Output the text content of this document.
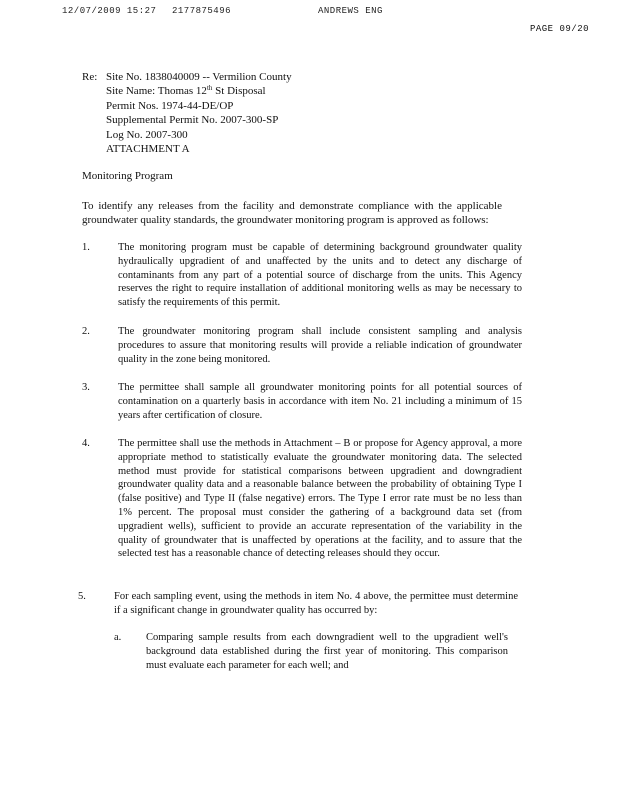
12/07/2009 15:27 2177875496	ANDREWS ENG
PAGE 09/20
Re: Site No. 1838040009 -- Vermilion County
Site Name: Thomas 12th St Disposal
Permit Nos. 1974-44-DE/OP
Supplemental Permit No. 2007-300-SP
Log No. 2007-300
ATTACHMENT A
Monitoring Program
To identify any releases from the facility and demonstrate compliance with the applicable groundwater quality standards, the groundwater monitoring program is approved as follows:
1.	The monitoring program must be capable of determining background groundwater quality hydraulically upgradient of and unaffected by the units and to detect any discharge of contaminants from any part of a potential source of discharge from the units. This Agency reserves the right to require installation of additional monitoring wells as may be necessary to satisfy the requirements of this permit.
2.	The groundwater monitoring program shall include consistent sampling and analysis procedures to assure that monitoring results will provide a reliable indication of groundwater quality in the zone being monitored.
3.	The permittee shall sample all groundwater monitoring points for all potential sources of contamination on a quarterly basis in accordance with item No. 21 including a minimum of 15 years after certification of closure.
4.	The permittee shall use the methods in Attachment – B or propose for Agency approval, a more appropriate method to statistically evaluate the groundwater monitoring data. The selected method must provide for statistical comparisons between upgradient and downgradient groundwater quality data and a reasonable balance between the probability of obtaining Type I (false positive) and Type II (false negative) errors. The Type I error rate must be no less than 1% percent. The proposal must consider the gathering of a background data set (from upgradient wells), sufficient to provide an accurate representation of the variability in the quality of groundwater that is unaffected by operations at the facility, and to assure that the selected test has a reasonable chance of detecting releases should they occur.
5.	For each sampling event, using the methods in item No. 4 above, the permittee must determine if a significant change in groundwater quality has occurred by:
a. Comparing sample results from each downgradient well to the upgradient well's background data established during the first year of monitoring. This comparison must evaluate each parameter for each well; and
